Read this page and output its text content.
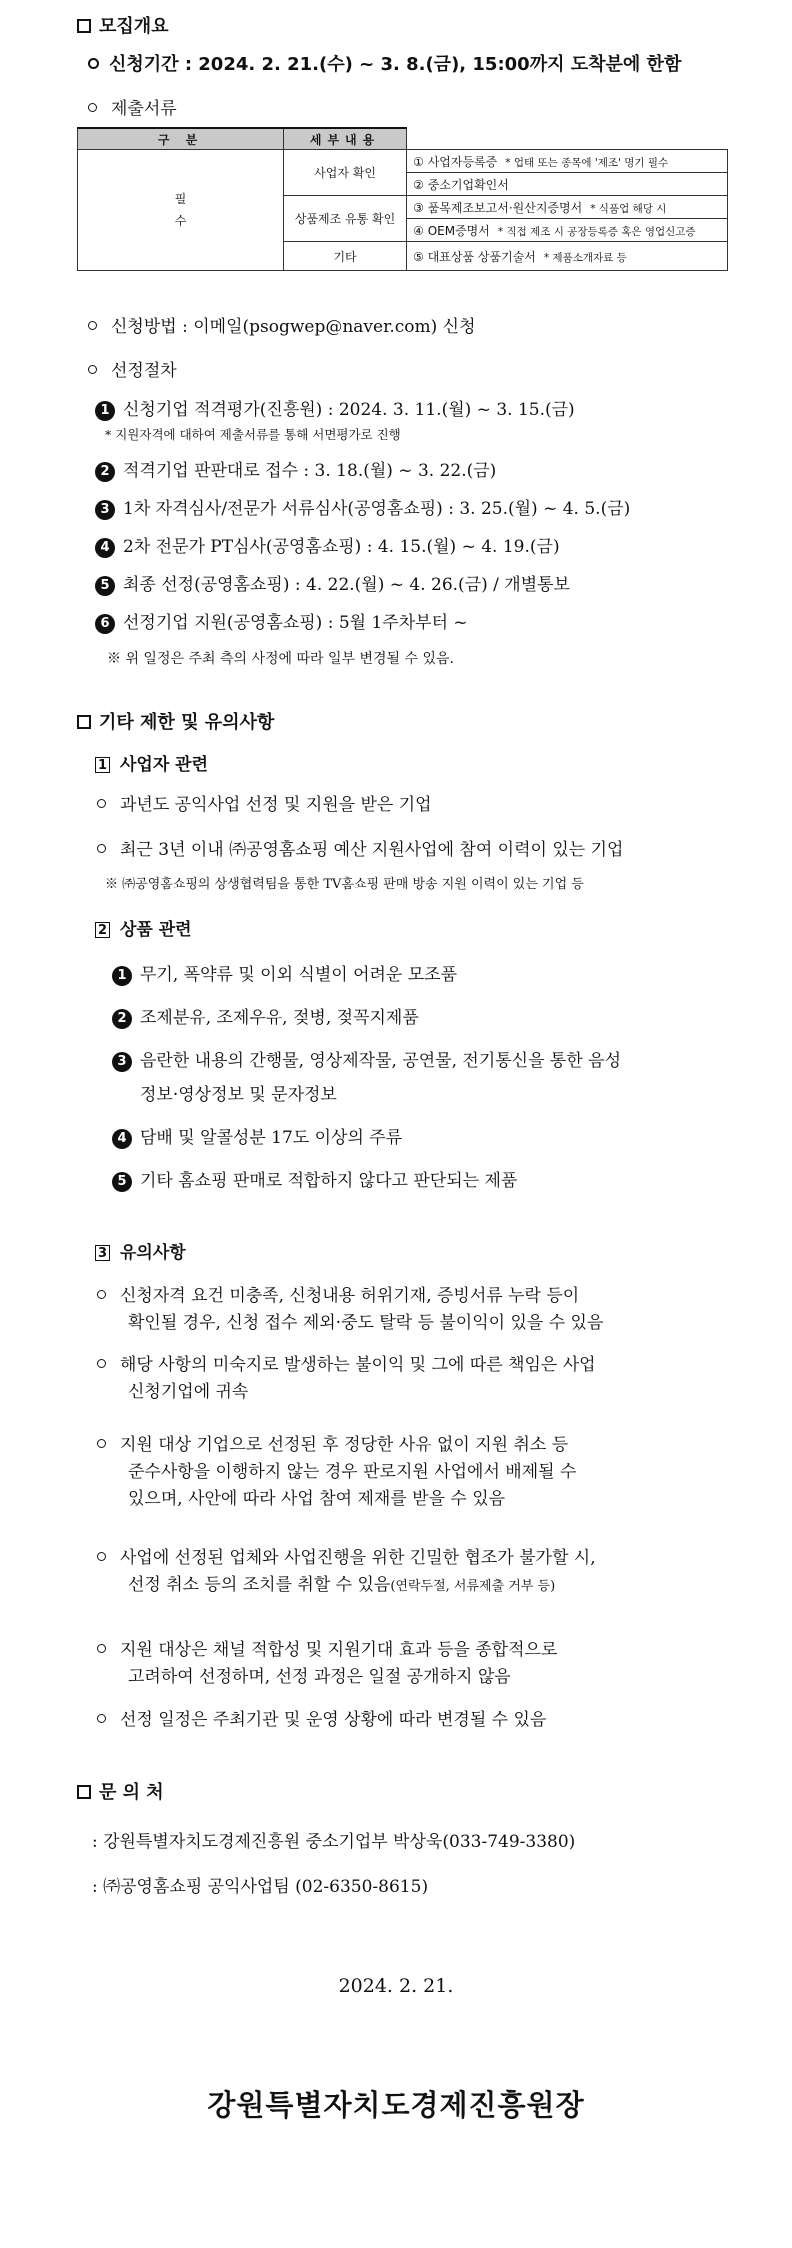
모집개요
신청기간 : 2024. 2. 21.(수) ~ 3. 8.(금), 15:00까지 도착분에 한함
제출서류
구 분	세부내용	
필 수	사업자 확인	① 사업자등록증 * 업태 또는 종목에 '제조' 명기 필수
		② 중소기업확인서
	상품제조 유통 확인	③ 품목제조보고서·원산지증명서 * 식품업 해당 시
		④ OEM증명서 * 직접 제조 시 공장등록증 혹은 영업신고증
	기타	⑤ 대표상품 상품기술서 * 제품소개자료 등
신청방법 : 이메일(psogwep@naver.com) 신청
선정절차
1 신청기업 적격평가(진흥원) : 2024. 3. 11.(월) ~ 3. 15.(금)
* 지원자격에 대하여 제출서류를 통해 서면평가로 진행
2 적격기업 판판대로 접수 : 3. 18.(월) ~ 3. 22.(금)
3 1차 자격심사/전문가 서류심사(공영홈쇼핑) : 3. 25.(월) ~ 4. 5.(금)
4 2차 전문가 PT심사(공영홈쇼핑) : 4. 15.(월) ~ 4. 19.(금)
5 최종 선정(공영홈쇼핑) : 4. 22.(월) ~ 4. 26.(금) / 개별통보
6 선정기업 지원(공영홈쇼핑) : 5월 1주차부터 ~
※ 위 일정은 주최 측의 사정에 따라 일부 변경될 수 있음.
기타 제한 및 유의사항
1 사업자 관련
과년도 공익사업 선정 및 지원을 받은 기업
최근 3년 이내 ㈜공영홈쇼핑 예산 지원사업에 참여 이력이 있는 기업
※ ㈜공영홈쇼핑의 상생협력팀을 통한 TV홈쇼핑 판매 방송 지원 이력이 있는 기업 등
2 상품 관련
1 무기, 폭약류 및 이외 식별이 어려운 모조품
2 조제분유, 조제우유, 젖병, 젖꼭지제품
3 음란한 내용의 간행물, 영상제작물, 공연물, 전기통신을 통한 음성
정보·영상정보 및 문자정보
4 담배 및 알콜성분 17도 이상의 주류
5 기타 홈쇼핑 판매로 적합하지 않다고 판단되는 제품
3 유의사항
신청자격 요건 미충족, 신청내용 허위기재, 증빙서류 누락 등이
확인될 경우, 신청 접수 제외·중도 탈락 등 불이익이 있을 수 있음
해당 사항의 미숙지로 발생하는 불이익 및 그에 따른 책임은 사업
신청기업에 귀속
지원 대상 기업으로 선정된 후 정당한 사유 없이 지원 취소 등
준수사항을 이행하지 않는 경우 판로지원 사업에서 배제될 수
있으며, 사안에 따라 사업 참여 제재를 받을 수 있음
사업에 선정된 업체와 사업진행을 위한 긴밀한 협조가 불가할 시,
선정 취소 등의 조치를 취할 수 있음(연락두절, 서류제출 거부 등)
지원 대상은 채널 적합성 및 지원기대 효과 등을 종합적으로
고려하여 선정하며, 선정 과정은 일절 공개하지 않음
선정 일정은 주최기관 및 운영 상황에 따라 변경될 수 있음
문 의 처
: 강원특별자치도경제진흥원 중소기업부 박상욱(033-749-3380)
: ㈜공영홈쇼핑 공익사업팀 (02-6350-8615)
2024. 2. 21.
강원특별자치도경제진흥원장
